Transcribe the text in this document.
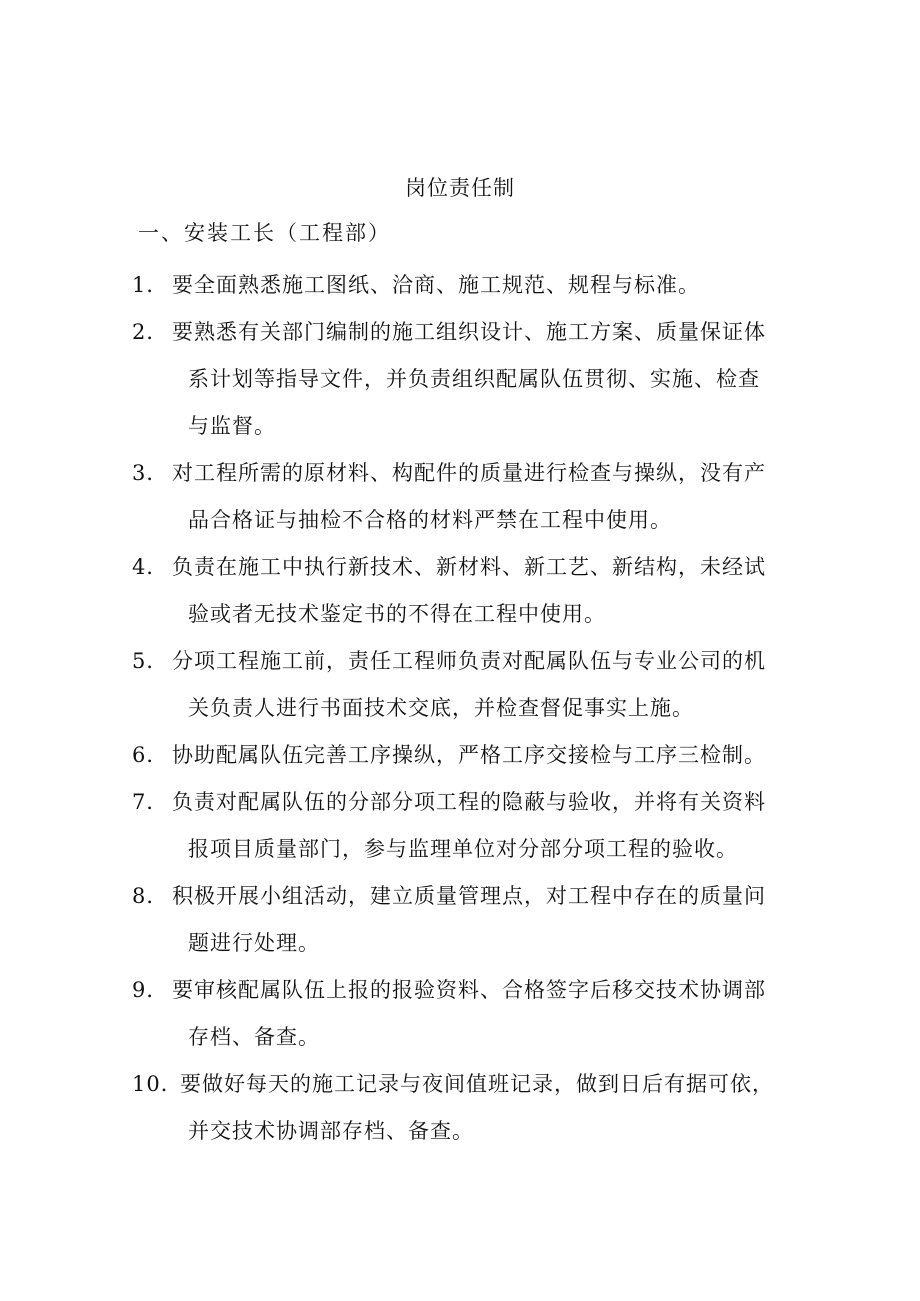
岗位责任制
一、安装工长（工程部）
1． 要全面熟悉施工图纸、洽商、施工规范、规程与标准。
2． 要熟悉有关部门编制的施工组织设计、施工方案、质量保证体
系计划等指导文件，并负责组织配属队伍贯彻、实施、检查
与监督。
3． 对工程所需的原材料、构配件的质量进行检查与操纵，没有产
品合格证与抽检不合格的材料严禁在工程中使用。
4． 负责在施工中执行新技术、新材料、新工艺、新结构，未经试
验或者无技术鉴定书的不得在工程中使用。
5． 分项工程施工前，责任工程师负责对配属队伍与专业公司的机
关负责人进行书面技术交底，并检查督促事实上施。
6． 协助配属队伍完善工序操纵，严格工序交接检与工序三检制。
7． 负责对配属队伍的分部分项工程的隐蔽与验收，并将有关资料
报项目质量部门，参与监理单位对分部分项工程的验收。
8． 积极开展小组活动，建立质量管理点，对工程中存在的质量问
题进行处理。
9． 要审核配属队伍上报的报验资料、合格签字后移交技术协调部
存档、备查。
10．
要做好每天的施工记录与夜间值班记录，做到日后有据可依，
并交技术协调部存档、备查。
